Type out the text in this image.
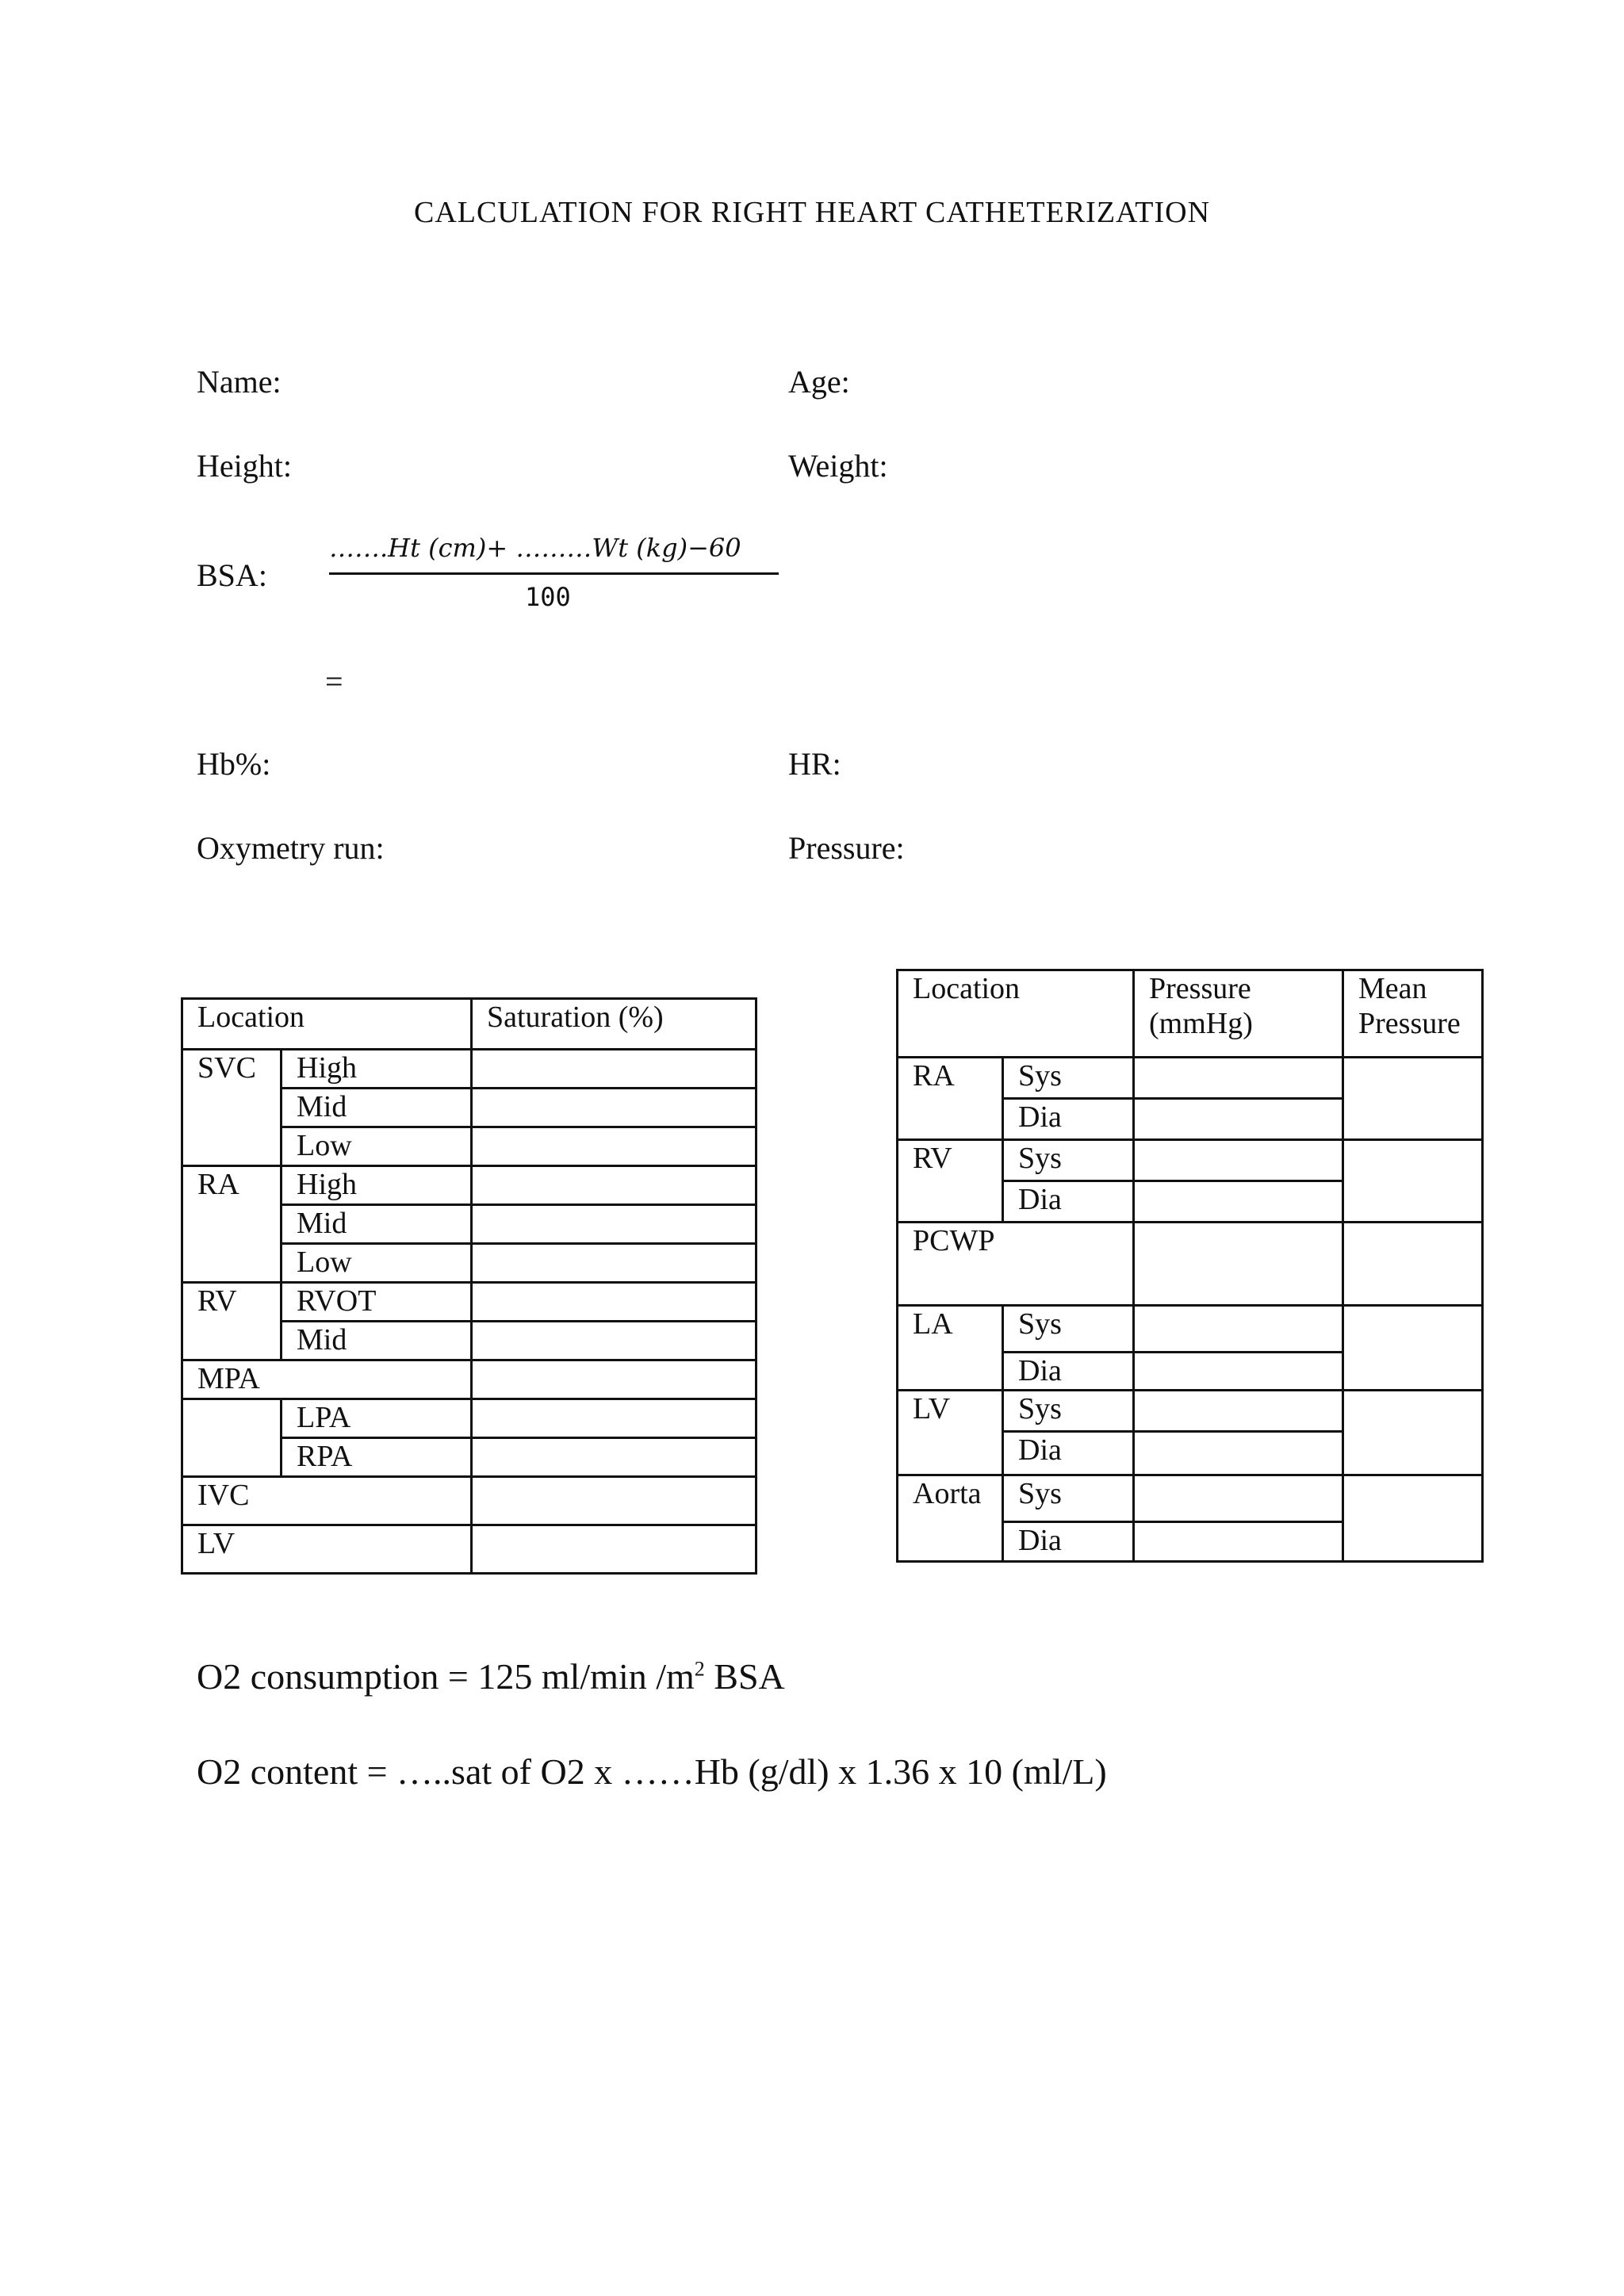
CALCULATION FOR RIGHT HEART CATHETERIZATION
Name:	Age:
Height:	Weight:
BSA:
…….Ht (cm)+ ………Wt (kg)−60
100
=
Hb%:	HR:
Oxymetry run:	Pressure:
Location		Saturation (%)
SVC	High	
	Mid	
	Low	
RA	High	
	Mid	
	Low	
RV	RVOT	
	Mid	
MPA		
	LPA	
	RPA	
IVC		
LV		
Location		Pressure (mmHg)	Mean Pressure
RA	Sys		
	Dia		
RV	Sys		
	Dia		
PCWP			
LA	Sys		
	Dia		
LV	Sys		
	Dia		
Aorta	Sys		
	Dia		
O2 consumption = 125 ml/min $/m^2$ BSA
O2 content = …..sat of O2 x ……Hb (g/dl) x 1.36 x 10 (ml/L)
